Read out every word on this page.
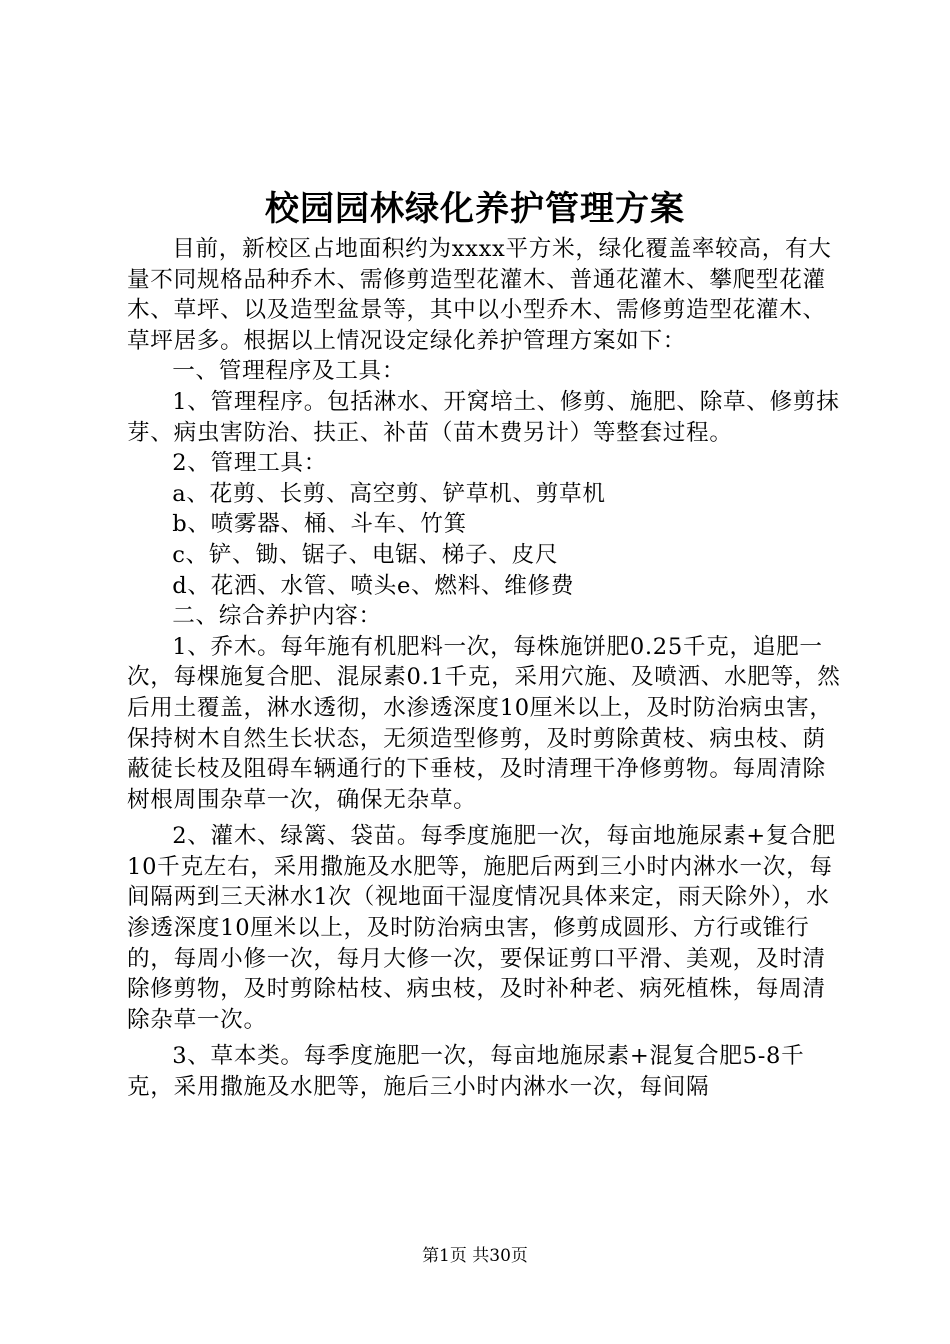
校园园林绿化养护管理方案

目前，新校区占地面积约为xxxx平方米，绿化覆盖率较高，有大量不同规格品种乔木、需修剪造型花灌木、普通花灌木、攀爬型花灌木、草坪、以及造型盆景等，其中以小型乔木、需修剪造型花灌木、草坪居多。根据以上情况设定绿化养护管理方案如下：

一、管理程序及工具：

1、管理程序。包括淋水、开窝培土、修剪、施肥、除草、修剪抹芽、病虫害防治、扶正、补苗（苗木费另计）等整套过程。

2、管理工具：

a、花剪、长剪、高空剪、铲草机、剪草机

b、喷雾器、桶、斗车、竹箕

c、铲、锄、锯子、电锯、梯子、皮尺

d、花洒、水管、喷头e、燃料、维修费

二、综合养护内容：

1、乔木。每年施有机肥料一次，每株施饼肥0.25千克，追肥一次，每棵施复合肥、混尿素0.1千克，采用穴施、及喷洒、水肥等，然后用土覆盖，淋水透彻，水渗透深度10厘米以上，及时防治病虫害，保持树木自然生长状态，无须造型修剪，及时剪除黄枝、病虫枝、荫蔽徒长枝及阻碍车辆通行的下垂枝，及时清理干净修剪物。每周清除树根周围杂草一次，确保无杂草。

2、灌木、绿篱、袋苗。每季度施肥一次，每亩地施尿素+复合肥10千克左右，采用撒施及水肥等，施肥后两到三小时内淋水一次，每间隔两到三天淋水1次（视地面干湿度情况具体来定，雨天除外），水渗透深度10厘米以上，及时防治病虫害，修剪成圆形、方行或锥行的，每周小修一次，每月大修一次，要保证剪口平滑、美观，及时清除修剪物，及时剪除枯枝、病虫枝，及时补种老、病死植株，每周清除杂草一次。

3、草本类。每季度施肥一次，每亩地施尿素+混复合肥5-8千克，采用撒施及水肥等，施后三小时内淋水一次，每间隔

第1页 共30页
